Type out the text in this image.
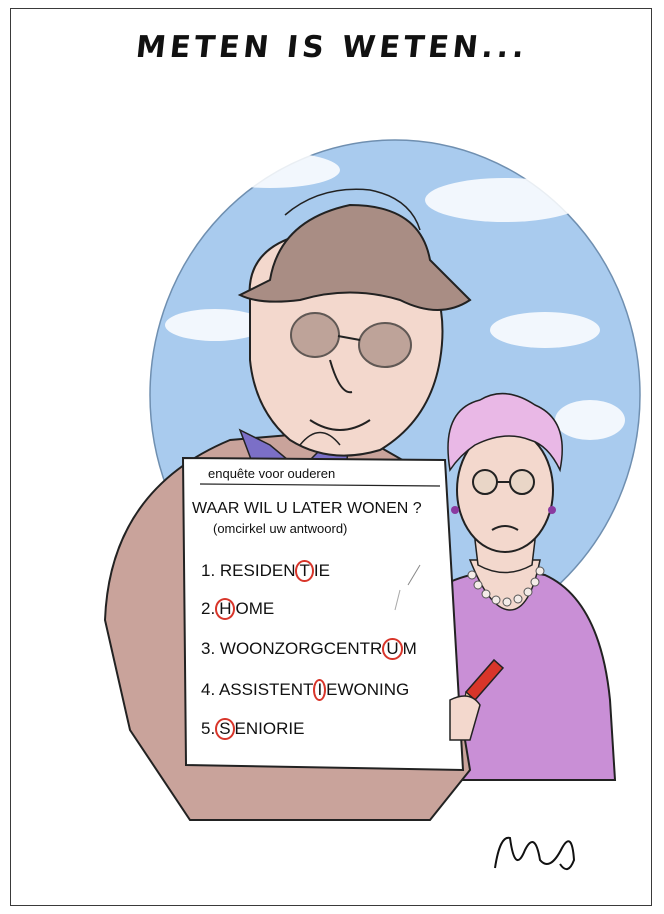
METEN IS WETEN...
enquête voor ouderen
WAAR WIL U LATER WONEN ?
(omcirkel uw antwoord)
1. RESIDEN T IE
2. H OME
3. WOONZORGCENTR U M
4. ASSISTENT I EWONING
5. S ENIORIE
